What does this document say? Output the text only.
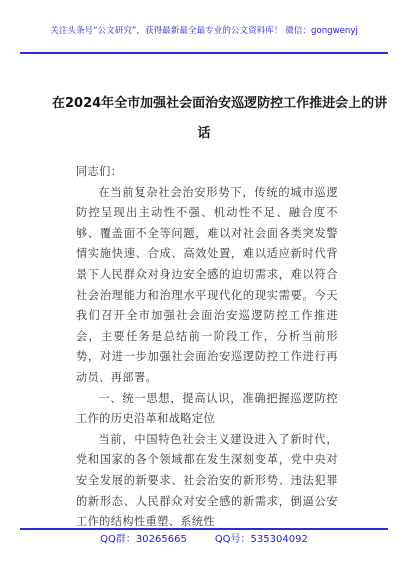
关注头条号“公文研究”，获得最新最全最专业的公文资料库！ 微信：gongwenyj
在2024年全市加强社会面治安巡逻防控工作推进会上的讲
话

同志们：

在当前复杂社会治安形势下，传统的城市巡逻防控呈现出主动性不强、机动性不足、融合度不够、覆盖面不全等问题，难以对社会面各类突发警情实施快速、合成、高效处置，难以适应新时代背景下人民群众对身边安全感的迫切需求，难以符合社会治理能力和治理水平现代化的现实需要。今天我们召开全市加强社会面治安巡逻防控工作推进会，主要任务是总结前一阶段工作，分析当前形势，对进一步加强社会面治安巡逻防控工作进行再动员、再部署。

一、统一思想，提高认识，准确把握巡逻防控工作的历史沿革和战略定位

当前，中国特色社会主义建设进入了新时代，党和国家的各个领域都在发生深刻变革，党中央对安全发展的新要求、社会治安的新形势、违法犯罪的新形态、人民群众对安全感的新需求，倒逼公安工作的结构性重塑、系统性

QQ群：30265665	QQ号：535304092
